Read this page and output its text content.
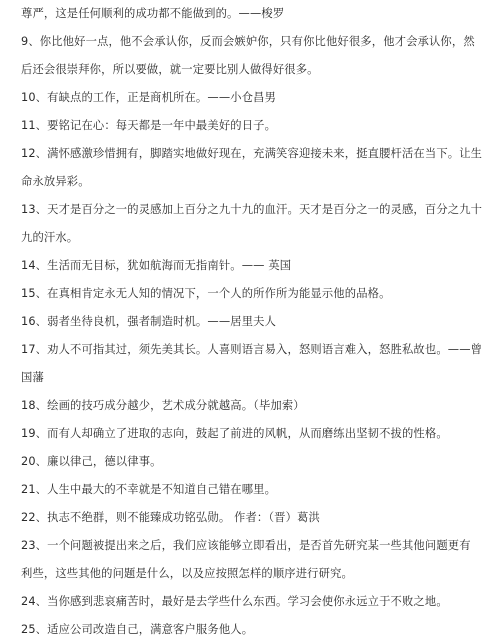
尊严，这是任何顺利的成功都不能做到的。——梭罗
9、你比他好一点，他不会承认你，反而会嫉妒你，只有你比他好很多，他才会承认你，然
后还会很崇拜你，所以要做，就一定要比别人做得好很多。
10、有缺点的工作，正是商机所在。——小仓昌男
11、要铭记在心：每天都是一年中最美好的日子。
12、满怀感激珍惜拥有，脚踏实地做好现在，充满笑容迎接未来，挺直腰杆活在当下。让生
命永放异彩。
13、天才是百分之一的灵感加上百分之九十九的血汗。天才是百分之一的灵感，百分之九十
九的汗水。
14、生活而无目标，犹如航海而无指南针。—— 英国
15、在真相肯定永无人知的情况下，一个人的所作所为能显示他的品格。
16、弱者坐待良机，强者制造时机。——居里夫人
17、劝人不可指其过，须先美其长。人喜则语言易入，怒则语言难入，怒胜私故也。——曾
国藩
18、绘画的技巧成分越少，艺术成分就越高。（毕加索）
19、而有人却确立了进取的志向，鼓起了前进的风帆，从而磨练出坚韧不拔的性格。
20、廉以律己，德以律事。
21、人生中最大的不幸就是不知道自己错在哪里。
22、执志不绝群，则不能臻成功铭弘勋。 作者：（晋）葛洪
23、一个问题被提出来之后，我们应该能够立即看出，是否首先研究某一些其他问题更有
利些，这些其他的问题是什么，以及应按照怎样的顺序进行研究。
24、当你感到悲哀痛苦时，最好是去学些什么东西。学习会使你永远立于不败之地。
25、适应公司改造自己，满意客户服务他人。
